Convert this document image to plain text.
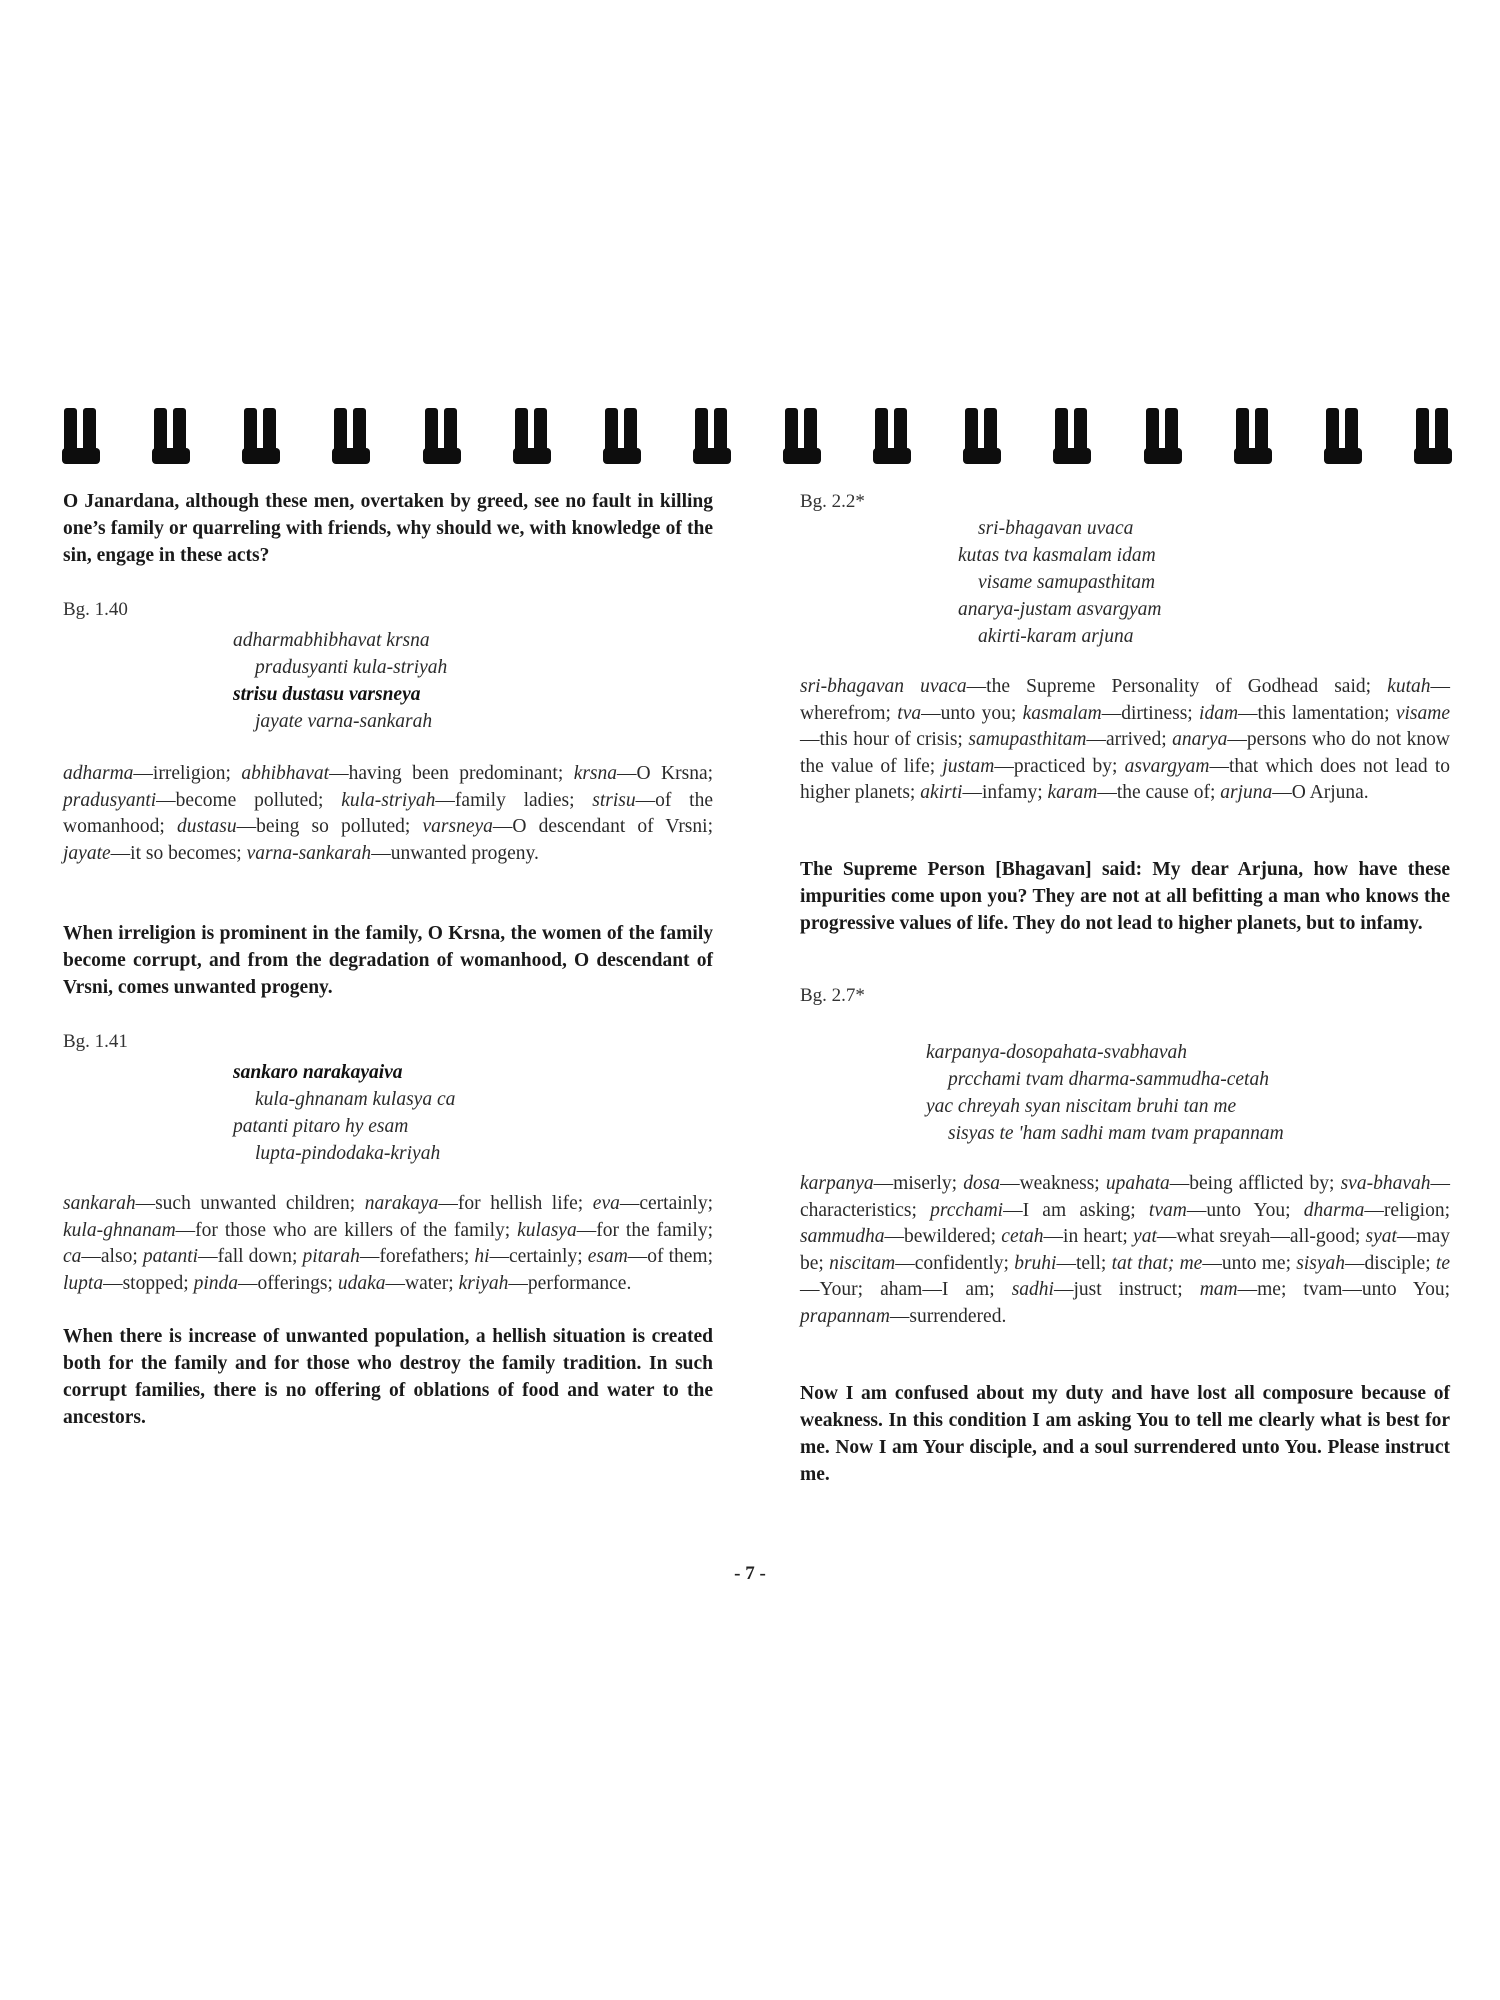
O Janardana, although these men, overtaken by greed, see no fault in killing one’s family or quarreling with friends, why should we, with knowledge of the sin, engage in these acts?

Bg. 1.40
adharmabhibhavat krsna
pradusyanti kula-striyah
strisu dustasu varsneya
jayate varna-sankarah

adharma—irreligion; abhibhavat—having been predominant; krsna—O Krsna; pradusyanti—become polluted; kula-striyah—family ladies; strisu—of the womanhood; dustasu—being so polluted; varsneya—O descendant of Vrsni; jayate—it so becomes; varna-sankarah—unwanted progeny.

When irreligion is prominent in the family, O Krsna, the women of the family become corrupt, and from the degradation of womanhood, O descendant of Vrsni, comes unwanted progeny.

Bg. 1.41
sankaro narakayaiva
kula-ghnanam kulasya ca
patanti pitaro hy esam
lupta-pindodaka-kriyah

sankarah—such unwanted children; narakaya—for hellish life; eva—certainly; kula-ghnanam—for those who are killers of the family; kulasya—for the family; ca—also; patanti—fall down; pitarah—forefathers; hi—certainly; esam—of them; lupta—stopped; pinda—offerings; udaka—water; kriyah—performance.

When there is increase of unwanted population, a hellish situation is created both for the family and for those who destroy the family tradition. In such corrupt families, there is no offering of oblations of food and water to the ancestors.

Bg. 2.2*
sri-bhagavan uvaca
kutas tva kasmalam idam
visame samupasthitam
anarya-justam asvargyam
akirti-karam arjuna

sri-bhagavan uvaca—the Supreme Personality of Godhead said; kutah—wherefrom; tva—unto you; kasmalam—dirtiness; idam—this lamentation; visame—this hour of crisis; samupasthitam—arrived; anarya—persons who do not know the value of life; justam—practiced by; asvargyam—that which does not lead to higher planets; akirti—infamy; karam—the cause of; arjuna—O Arjuna.

The Supreme Person [Bhagavan] said: My dear Arjuna, how have these impurities come upon you? They are not at all befitting a man who knows the progressive values of life. They do not lead to higher planets, but to infamy.

Bg. 2.7*
karpanya-dosopahata-svabhavah
prcchami tvam dharma-sammudha-cetah
yac chreyah syan niscitam bruhi tan me
sisyas te 'ham sadhi mam tvam prapannam

karpanya—miserly; dosa—weakness; upahata—being afflicted by; sva-bhavah—characteristics; prcchami—I am asking; tvam—unto You; dharma—religion; sammudha—bewildered; cetah—in heart; yat—what sreyah—all-good; syat—may be; niscitam—confidently; bruhi—tell; tat that; me—unto me; sisyah—disciple; te—Your; aham—I am; sadhi—just instruct; mam—me; tvam—unto You; prapannam—surrendered.

Now I am confused about my duty and have lost all composure because of weakness. In this condition I am asking You to tell me clearly what is best for me. Now I am Your disciple, and a soul surrendered unto You. Please instruct me.

- 7 -
